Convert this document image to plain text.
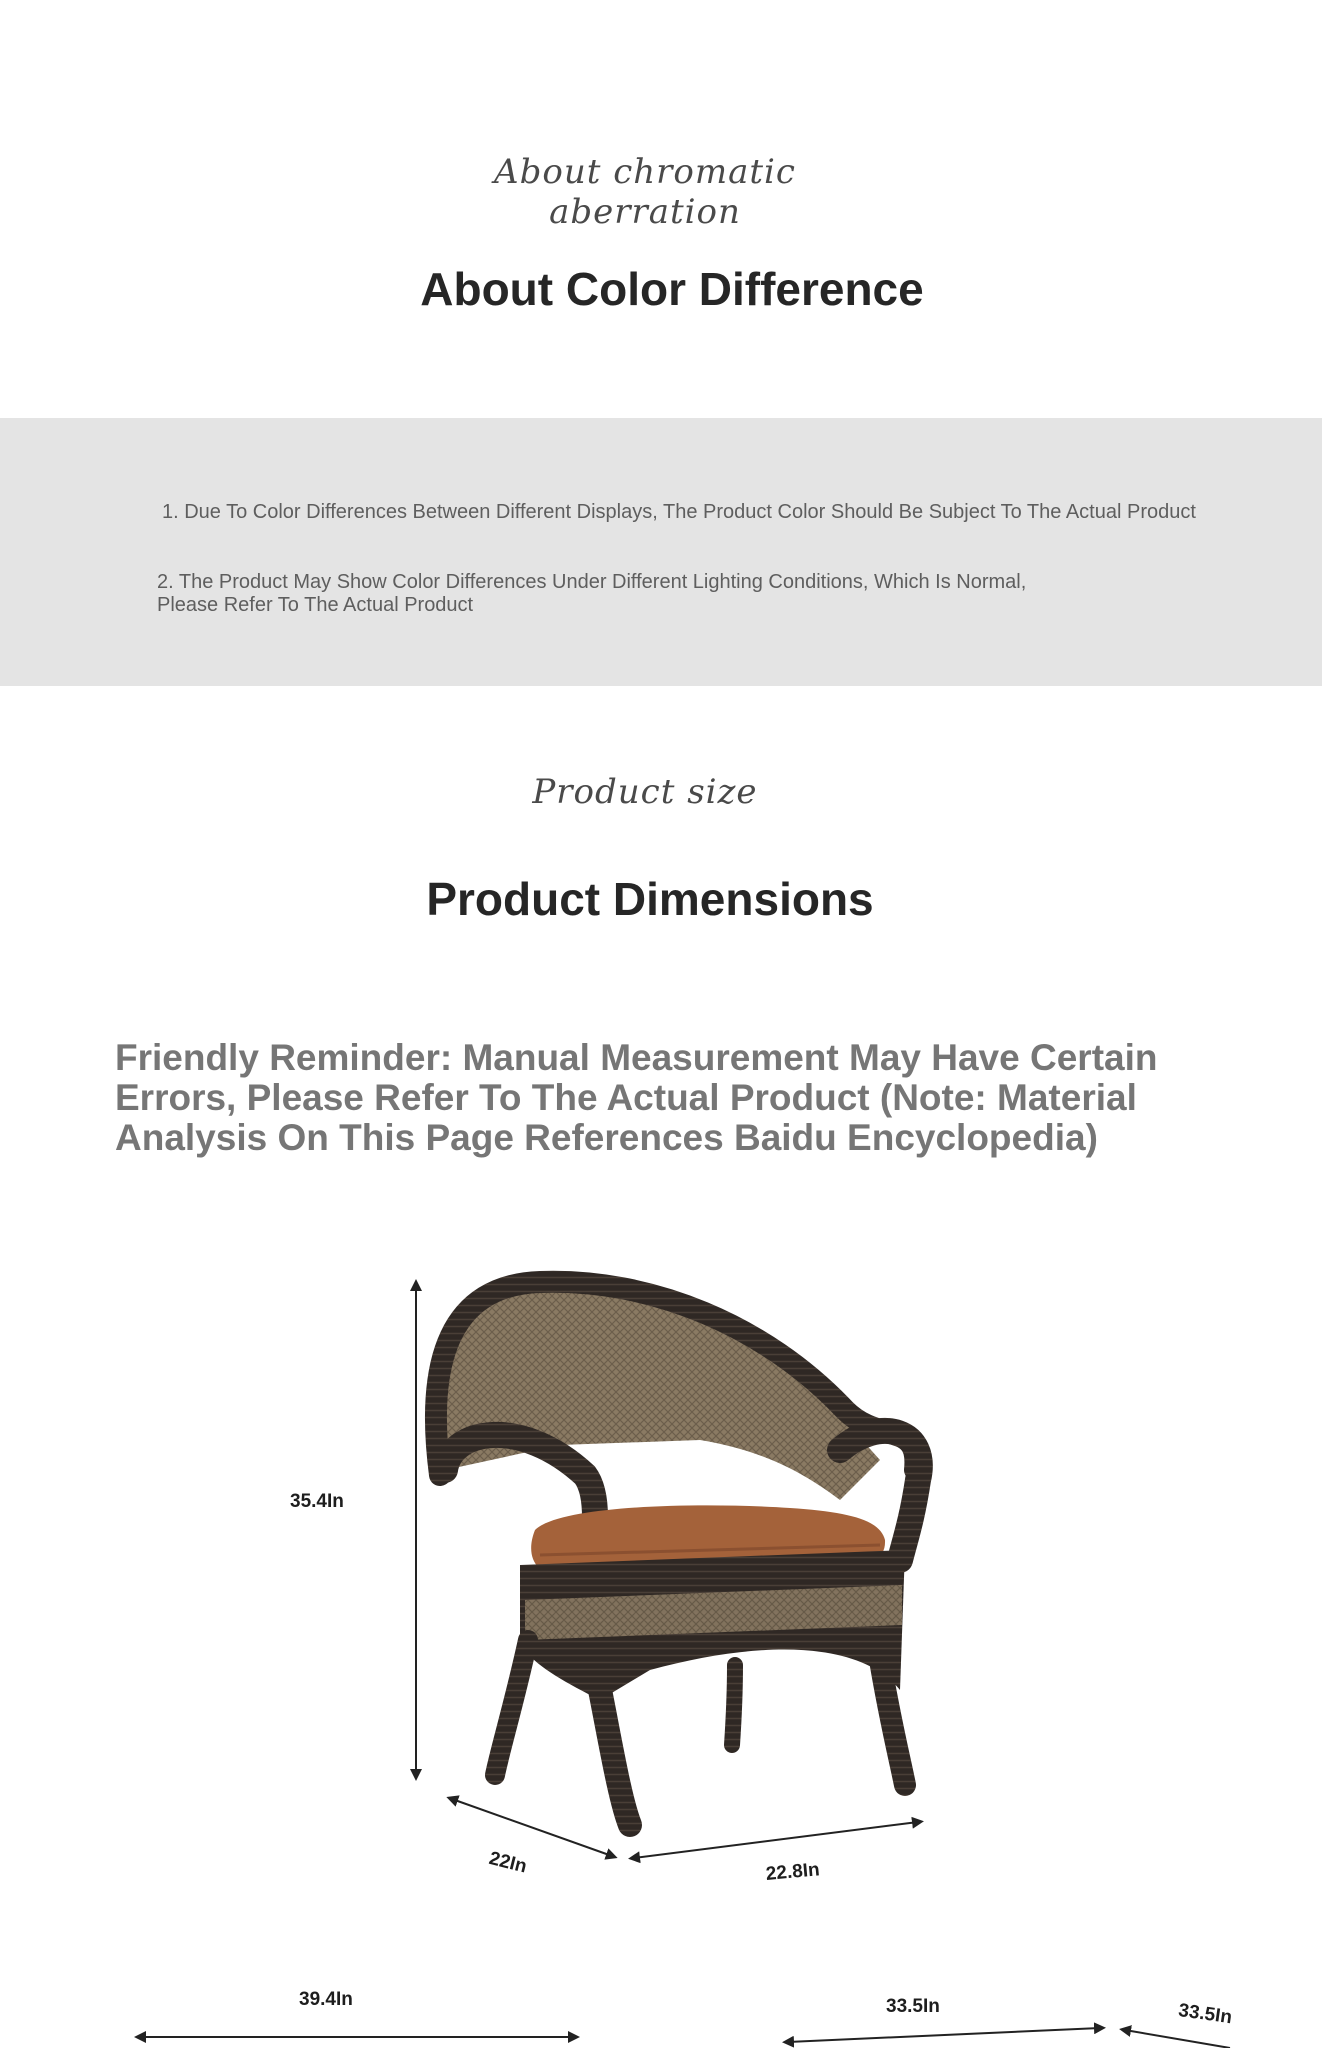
About chromatic aberration
About Color Difference
1. Due To Color Differences Between Different Displays, The Product Color Should Be Subject To The Actual Product
2. The Product May Show Color Differences Under Different Lighting Conditions, Which Is Normal, Please Refer To The Actual Product
Product size
Product Dimensions
Friendly Reminder: Manual Measurement May Have Certain Errors, Please Refer To The Actual Product (Note: Material Analysis On This Page References Baidu Encyclopedia)
35.4In
22In	22.8In
39.4In	33.5In	33.5In
